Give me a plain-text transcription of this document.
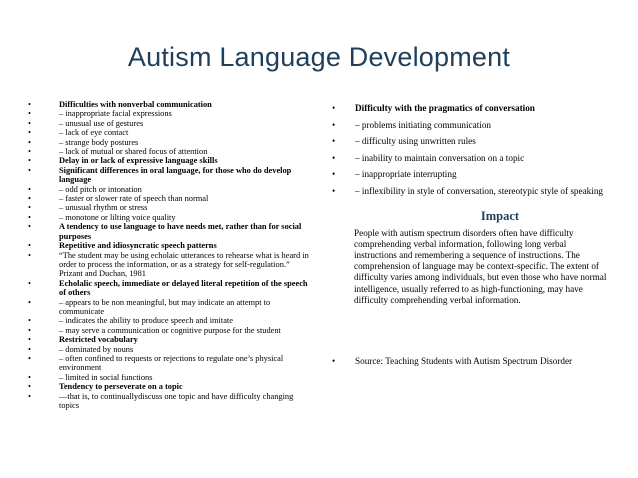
Autism Language Development
•	Difficulties with nonverbal communication
•	– inappropriate facial expressions
•	– unusual use of gestures
•	– lack of eye contact
•	– strange body postures
•	– lack of mutual or shared focus of attention
•	Delay in or lack of expressive language skills
•	Significant differences in oral language, for those who do develop language
•	– odd pitch or intonation
•	– faster or slower rate of speech than normal
•	– unusual rhythm or stress
•	– monotone or lilting voice quality
•	A tendency to use language to have needs met, rather than for social purposes
•	Repetitive and idiosyncratic speech patterns
•	“The student may be using echolaic utterances to rehearse what is heard in order to process the information, or as a strategy for self-regulation.” Prizant and Duchan, 1981
•	Echolalic speech, immediate or delayed literal repetition of the speech of others
•	– appears to be non meaningful, but may indicate an attempt to communicate
•	– indicates the ability to produce speech and imitate
•	– may serve a communication or cognitive purpose for the student
•	Restricted vocabulary
•	– dominated by nouns
•	– often confined to requests or rejections to regulate one’s physical environment
•	– limited in social functions
•	Tendency to perseverate on a topic
•	—that is, to continuallydiscuss one topic and have difficulty changing topics
•	Difficulty with the pragmatics of conversation
•	– problems initiating communication
•	– difficulty using unwritten rules
•	– inability to maintain conversation on a topic
•	– inappropriate interrupting
•	– inflexibility in style of conversation, stereotypic style of speaking
Impact
People with autism spectrum disorders often have difficulty comprehending verbal information, following long verbal instructions and remembering a sequence of instructions. The comprehension of language may be context-specific. The extent of difficulty varies among individuals, but even those who have normal intelligence, usually referred to as high-functioning, may have difficulty comprehending verbal information.
•	Source: Teaching Students with Autism Spectrum Disorder
